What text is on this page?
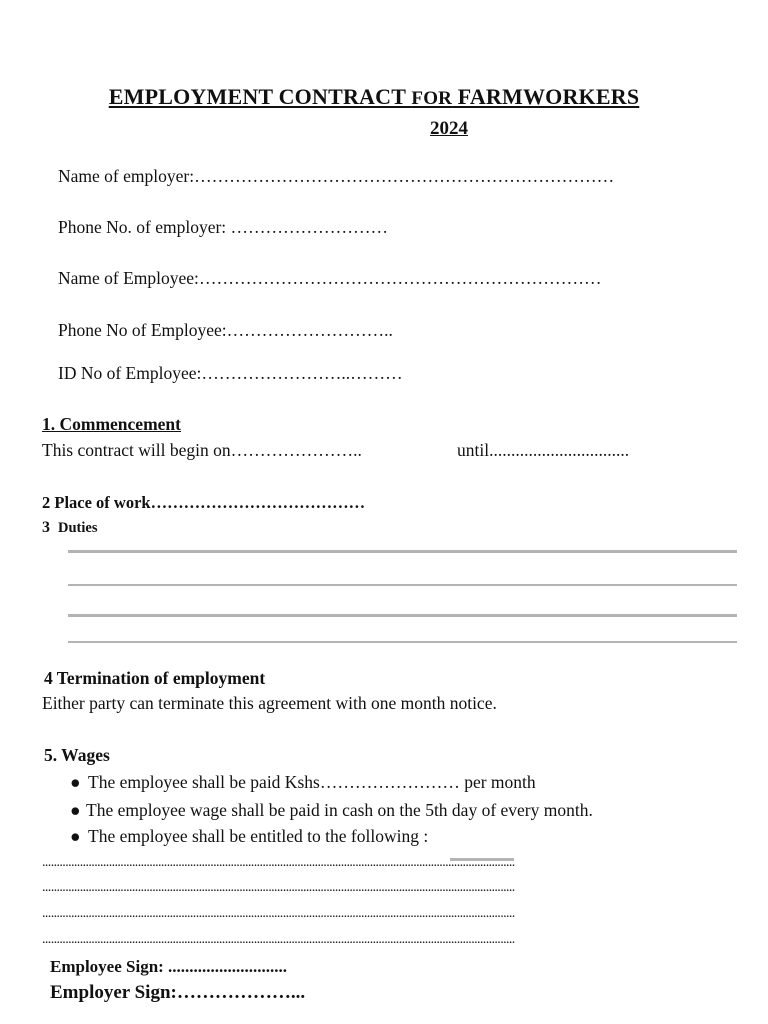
EMPLOYMENT CONTRACT FOR FARMWORKERS
2024
Name of employer:………………………………………………………………
Phone No. of employer: ………………………
Name of Employee:……………………………………………………………
Phone No of Employee:………………………..
ID No of Employee:……………………..………
1. Commencement
This contract will begin on…………………..	until................................
2 Place of work…………………………………
3 Duties
4 Termination of employment
Either party can terminate this agreement with one month notice.
5. Wages
● The employee shall be paid Kshs…………………… per month
● The employee wage shall be paid in cash on the 5th day of every month.
● The employee shall be entitled to the following :
...................................................................................................................................................................
...................................................................................................................................................................
...................................................................................................................................................................
...................................................................................................................................................................
Employee Sign: ............................
Employer Sign:………………...
